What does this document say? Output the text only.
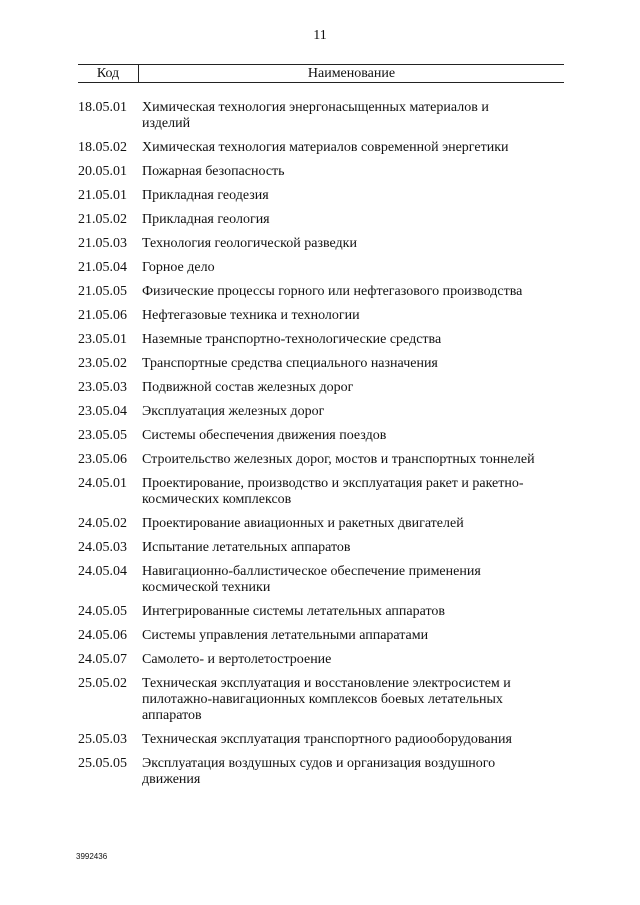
11
Код	Наименование
18.05.01	Химическая технология энергонасыщенных материалов и изделий
18.05.02	Химическая технология материалов современной энергетики
20.05.01	Пожарная безопасность
21.05.01	Прикладная геодезия
21.05.02	Прикладная геология
21.05.03	Технология геологической разведки
21.05.04	Горное дело
21.05.05	Физические процессы горного или нефтегазового производства
21.05.06	Нефтегазовые техника и технологии
23.05.01	Наземные транспортно-технологические средства
23.05.02	Транспортные средства специального назначения
23.05.03	Подвижной состав железных дорог
23.05.04	Эксплуатация железных дорог
23.05.05	Системы обеспечения движения поездов
23.05.06	Строительство железных дорог, мостов и транспортных тоннелей
24.05.01	Проектирование, производство и эксплуатация ракет и ракетно-космических комплексов
24.05.02	Проектирование авиационных и ракетных двигателей
24.05.03	Испытание летательных аппаратов
24.05.04	Навигационно-баллистическое обеспечение применения космической техники
24.05.05	Интегрированные системы летательных аппаратов
24.05.06	Системы управления летательными аппаратами
24.05.07	Самолето- и вертолетостроение
25.05.02	Техническая эксплуатация и восстановление электросистем и пилотажно-навигационных комплексов боевых летательных аппаратов
25.05.03	Техническая эксплуатация транспортного радиооборудования
25.05.05	Эксплуатация воздушных судов и организация воздушного движения
3992436
